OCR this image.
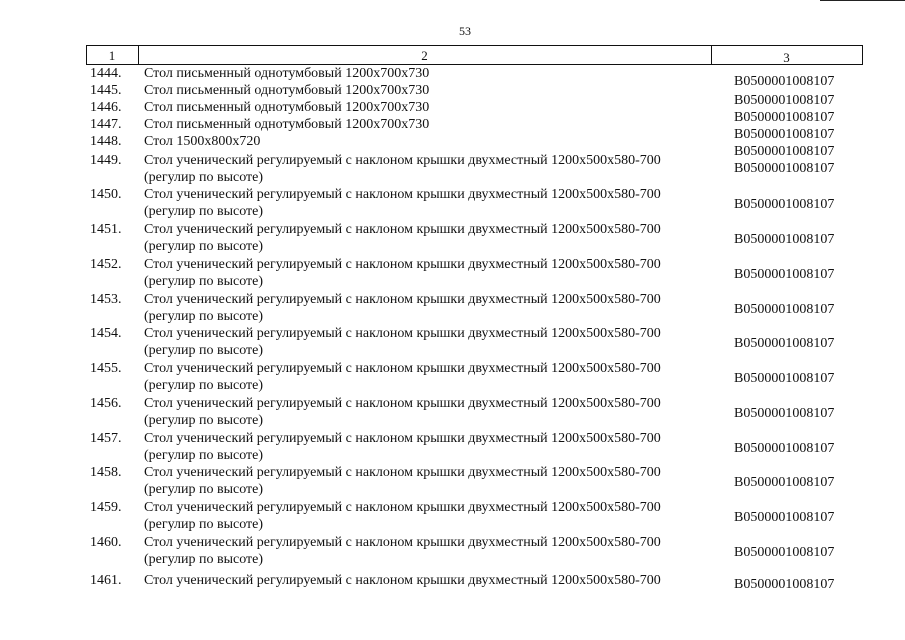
53
1	2	3
1444.	Стол письменный однотумбовый 1200х700х730
B0500001008107
1445.	Стол письменный однотумбовый 1200х700х730
B0500001008107
1446.	Стол письменный однотумбовый 1200х700х730
B0500001008107
1447.	Стол письменный однотумбовый 1200х700х730
B0500001008107
1448.	Стол 1500х800х720
B0500001008107
1449.	Стол ученический регулируемый с наклоном крышки двухместный 1200х500х580-700
(регулир по высоте)
B0500001008107
1450.	Стол ученический регулируемый с наклоном крышки двухместный 1200х500х580-700
(регулир по высоте)	B0500001008107
1451.	Стол ученический регулируемый с наклоном крышки двухместный 1200х500х580-700
(регулир по высоте)	B0500001008107
1452.	Стол ученический регулируемый с наклоном крышки двухместный 1200х500х580-700
(регулир по высоте)	B0500001008107
1453.	Стол ученический регулируемый с наклоном крышки двухместный 1200х500х580-700
(регулир по высоте)	B0500001008107
1454.	Стол ученический регулируемый с наклоном крышки двухместный 1200х500х580-700
(регулир по высоте)	B0500001008107
1455.	Стол ученический регулируемый с наклоном крышки двухместный 1200х500х580-700
(регулир по высоте)	B0500001008107
1456.	Стол ученический регулируемый с наклоном крышки двухместный 1200х500х580-700
(регулир по высоте)	B0500001008107
1457.	Стол ученический регулируемый с наклоном крышки двухместный 1200х500х580-700
(регулир по высоте)	B0500001008107
1458.	Стол ученический регулируемый с наклоном крышки двухместный 1200х500х580-700
(регулир по высоте)	B0500001008107
1459.	Стол ученический регулируемый с наклоном крышки двухместный 1200х500х580-700
(регулир по высоте)	B0500001008107
1460.	Стол ученический регулируемый с наклоном крышки двухместный 1200х500х580-700
(регулир по высоте)	B0500001008107
1461.	Стол ученический регулируемый с наклоном крышки двухместный 1200х500х580-700	B0500001008107
